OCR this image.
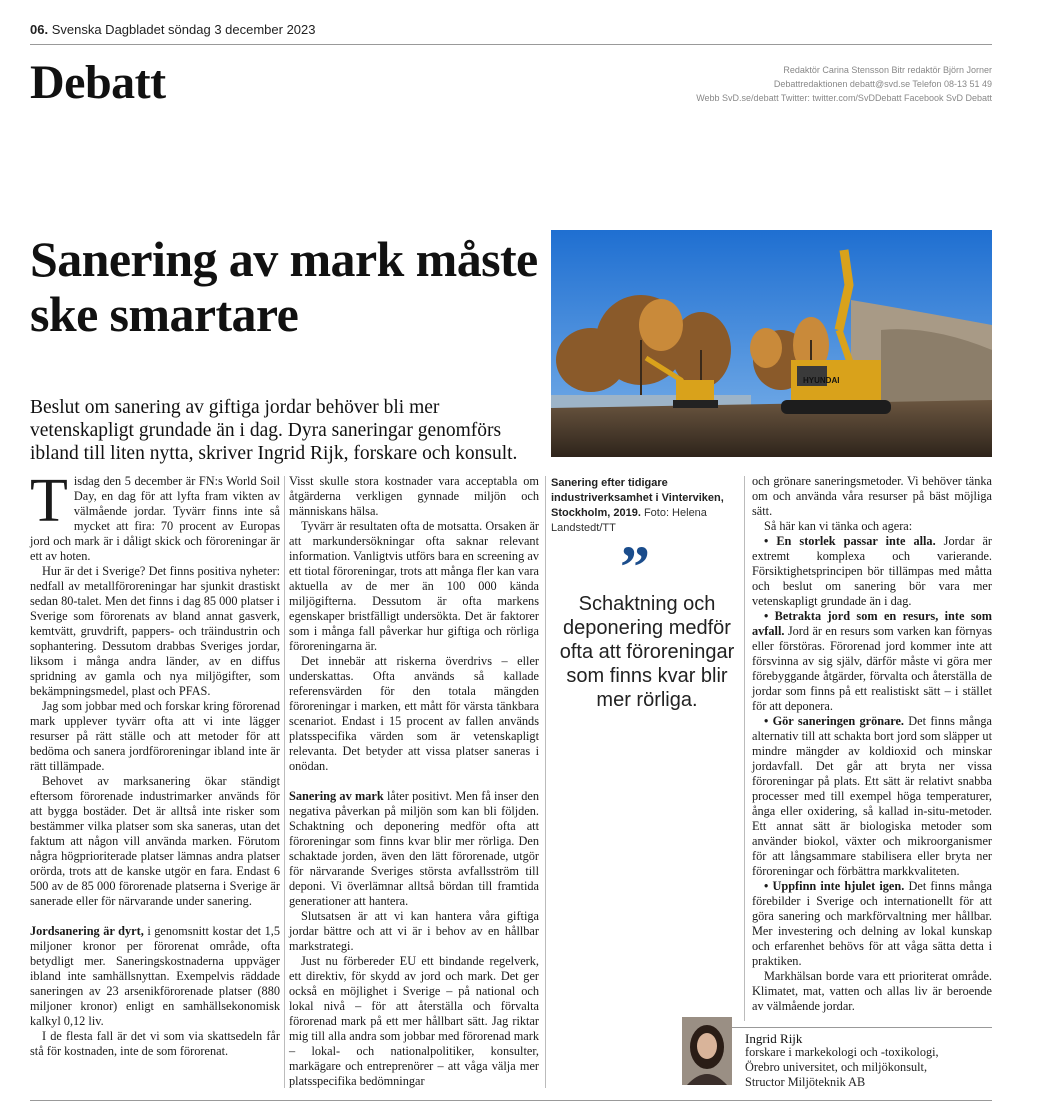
06. Svenska Dagbladet söndag 3 december 2023
Debatt	Redaktör Carina Stensson Bitr redaktör Björn Jorner
Debattredaktionen debatt@svd.se Telefon 08-13 51 49
Webb SvD.se/debatt Twitter: twitter.com/SvDDebatt Facebook SvD Debatt
Sanering av mark måste ske smartare
Beslut om sanering av giftiga jordar behöver bli mer vetenskapligt grundade än i dag. Dyra saneringar genomförs ibland till liten nytta, skriver Ingrid Rijk, forskare och konsult.
HYUNDAI

Tisdag den 5 december är FN:s World Soil Day, en dag för att lyfta fram vikten av välmående jordar. Tyvärr finns inte så mycket att fira: 70 procent av Europas jord och mark är i dåligt skick och föroreningar är ett av hoten.

Hur är det i Sverige? Det finns positiva nyheter: nedfall av metallföroreningar har sjunkit drastiskt sedan 80-talet. Men det finns i dag 85 000 platser i Sverige som förorenats av bland annat gasverk, kemtvätt, gruvdrift, pappers- och träindustrin och sophantering. Dessutom drabbas Sveriges jordar, liksom i många andra länder, av en diffus spridning av gamla och nya miljögifter, som bekämpningsmedel, plast och PFAS.

Jag som jobbar med och forskar kring förorenad mark upplever tyvärr ofta att vi inte lägger resurser på rätt ställe och att metoder för att bedöma och sanera jordföroreningar ibland inte är rätt tillämpade.

Behovet av marksanering ökar ständigt eftersom förorenade industrimarker används för att bygga bostäder. Det är alltså inte risker som bestämmer vilka platser som ska saneras, utan det faktum att någon vill använda marken. Förutom några högprioriterade platser lämnas andra platser orörda, trots att de kanske utgör en fara. Endast 6 500 av de 85 000 förorenade platserna i Sverige är sanerade eller för närvarande under sanering.

Jordsanering är dyrt, i genomsnitt kostar det 1,5 miljoner kronor per förorenat område, ofta betydligt mer. Saneringskostnaderna uppväger ibland inte samhällsnyttan. Exempelvis räddade saneringen av 23 arsenikförorenade platser (880 miljoner kronor) enligt en samhällsekonomisk kalkyl 0,12 liv.

I de flesta fall är det vi som via skattsedeln får stå för kostnaden, inte de som förorenat.

Visst skulle stora kostnader vara acceptabla om åtgärderna verkligen gynnade miljön och människans hälsa.

Tyvärr är resultaten ofta de motsatta. Orsaken är att markundersökningar ofta saknar relevant information. Vanligtvis utförs bara en screening av ett tiotal föroreningar, trots att många fler kan vara aktuella av de mer än 100 000 kända miljögifterna. Dessutom är ofta markens egenskaper bristfälligt undersökta. Det är faktorer som i många fall påverkar hur giftiga och rörliga föroreningarna är.

Det innebär att riskerna överdrivs – eller underskattas. Ofta används så kallade referensvärden för den totala mängden föroreningar i marken, ett mått för värsta tänkbara scenariot. Endast i 15 procent av fallen används platsspecifika värden som är vetenskapligt relevanta. Det betyder att vissa platser saneras i onödan.

Sanering av mark låter positivt. Men få inser den negativa påverkan på miljön som kan bli följden. Schaktning och deponering medför ofta att föroreningar som finns kvar blir mer rörliga. Den schaktade jorden, även den lätt förorenade, utgör för närvarande Sveriges största avfallsström till deponi. Vi överlämnar alltså bördan till framtida generationer att hantera.

Slutsatsen är att vi kan hantera våra giftiga jordar bättre och att vi är i behov av en hållbar markstrategi.

Just nu förbereder EU ett bindande regelverk, ett direktiv, för skydd av jord och mark. Det ger också en möjlighet i Sverige – på national och lokal nivå – för att återställa och förvalta förorenad mark på ett mer hållbart sätt. Jag riktar mig till alla andra som jobbar med förorenad mark – lokal- och nationalpolitiker, konsulter, markägare och entreprenörer – att våga välja mer platsspecifika bedömningar

Sanering efter tidigare industriverksamhet i Vinterviken, Stockholm, 2019. Foto: Helena Landstedt/TT
”
Schaktning och deponering medför ofta att föroreningar som finns kvar blir mer rörliga.

och grönare saneringsmetoder. Vi behöver tänka om och använda våra resurser på bäst möjliga sätt.

Så här kan vi tänka och agera:

• En storlek passar inte alla. Jordar är extremt komplexa och varierande. Försiktighetsprincipen bör tillämpas med måtta och beslut om sanering bör vara mer vetenskapligt grundade än i dag.

• Betrakta jord som en resurs, inte som avfall. Jord är en resurs som varken kan förnyas eller förstöras. Förorenad jord kommer inte att försvinna av sig själv, därför måste vi göra mer förebyggande åtgärder, förvalta och återställa de jordar som finns på ett realistiskt sätt – i stället för att deponera.

• Gör saneringen grönare. Det finns många alternativ till att schakta bort jord som släpper ut mindre mängder av koldioxid och minskar jordavfall. Det går att bryta ner vissa föroreningar på plats. Ett sätt är relativt snabba processer med till exempel höga temperaturer, ånga eller oxidering, så kallad in-situ-metoder. Ett annat sätt är biologiska metoder som använder biokol, växter och mikroorganismer för att långsammare stabilisera eller bryta ner föroreningar och förbättra markkvaliteten.

• Uppfinn inte hjulet igen. Det finns många förebilder i Sverige och internationellt för att göra sanering och markförvaltning mer hållbar. Mer investering och delning av lokal kunskap och erfarenhet behövs för att våga sätta detta i praktiken.

Markhälsan borde vara ett prioriterat område. Klimatet, mat, vatten och allas liv är beroende av välmående jordar.

Ingrid Rijk
forskare i markekologi och -toxikologi,
Örebro universitet, och miljökonsult,
Structor Miljöteknik AB
